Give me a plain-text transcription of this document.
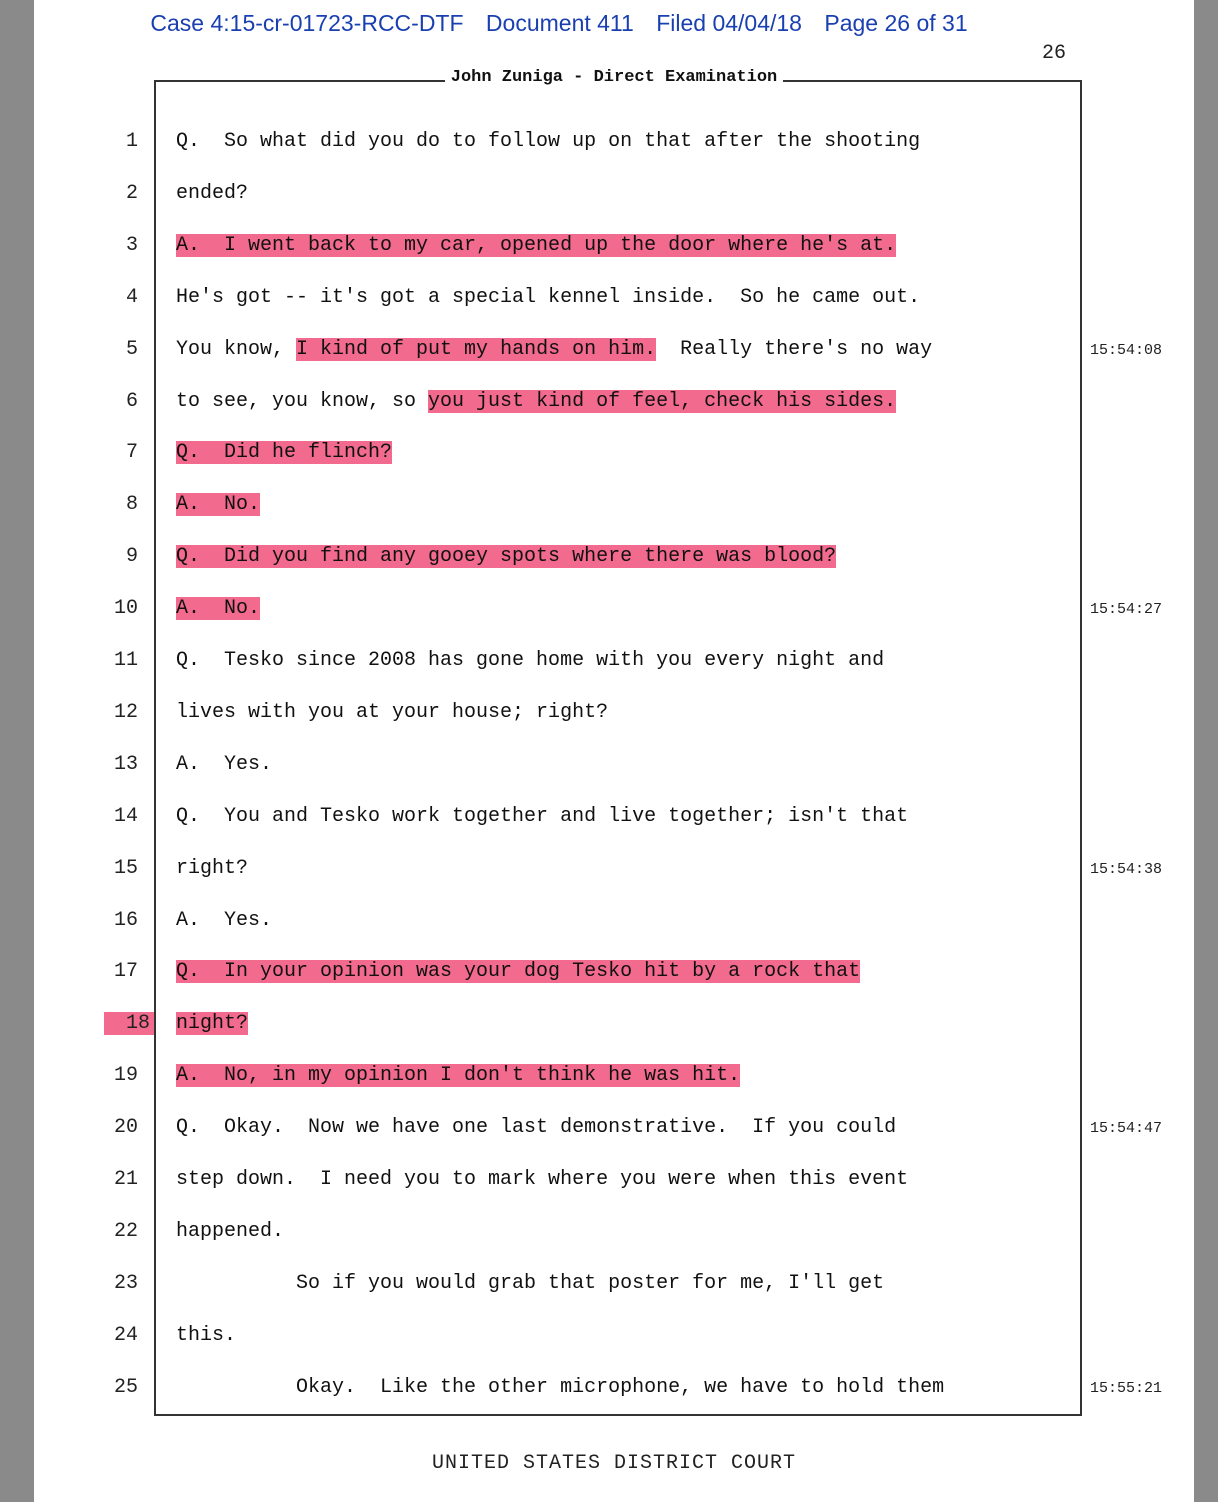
Case 4:15-cr-01723-RCC-DTF Document 411 Filed 04/04/18 Page 26 of 31
26
John Zuniga - Direct Examination
1 Q.  So what did you do to follow up on that after the shooting
2 ended?
3 A.  I went back to my car, opened up the door where he's at.
4 He's got -- it's got a special kennel inside.  So he came out.
5 You know, I kind of put my hands on him.  Really there's no way	15:54:08
6 to see, you know, so you just kind of feel, check his sides.
7 Q.  Did he flinch?
8 A.  No.
9 Q.  Did you find any gooey spots where there was blood?
10 A.  No.	15:54:27
11 Q.  Tesko since 2008 has gone home with you every night and
12 lives with you at your house; right?
13 A.  Yes.
14 Q.  You and Tesko work together and live together; isn't that
15 right?	15:54:38
16 A.  Yes.
17 Q.  In your opinion was your dog Tesko hit by a rock that
18 night?
19 A.  No, in my opinion I don't think he was hit.
20 Q.  Okay.  Now we have one last demonstrative.  If you could	15:54:47
21 step down.  I need you to mark where you were when this event
22 happened.
23 So if you would grab that poster for me, I'll get
24 this.
25 Okay.  Like the other microphone, we have to hold them	15:55:21
UNITED STATES DISTRICT COURT
